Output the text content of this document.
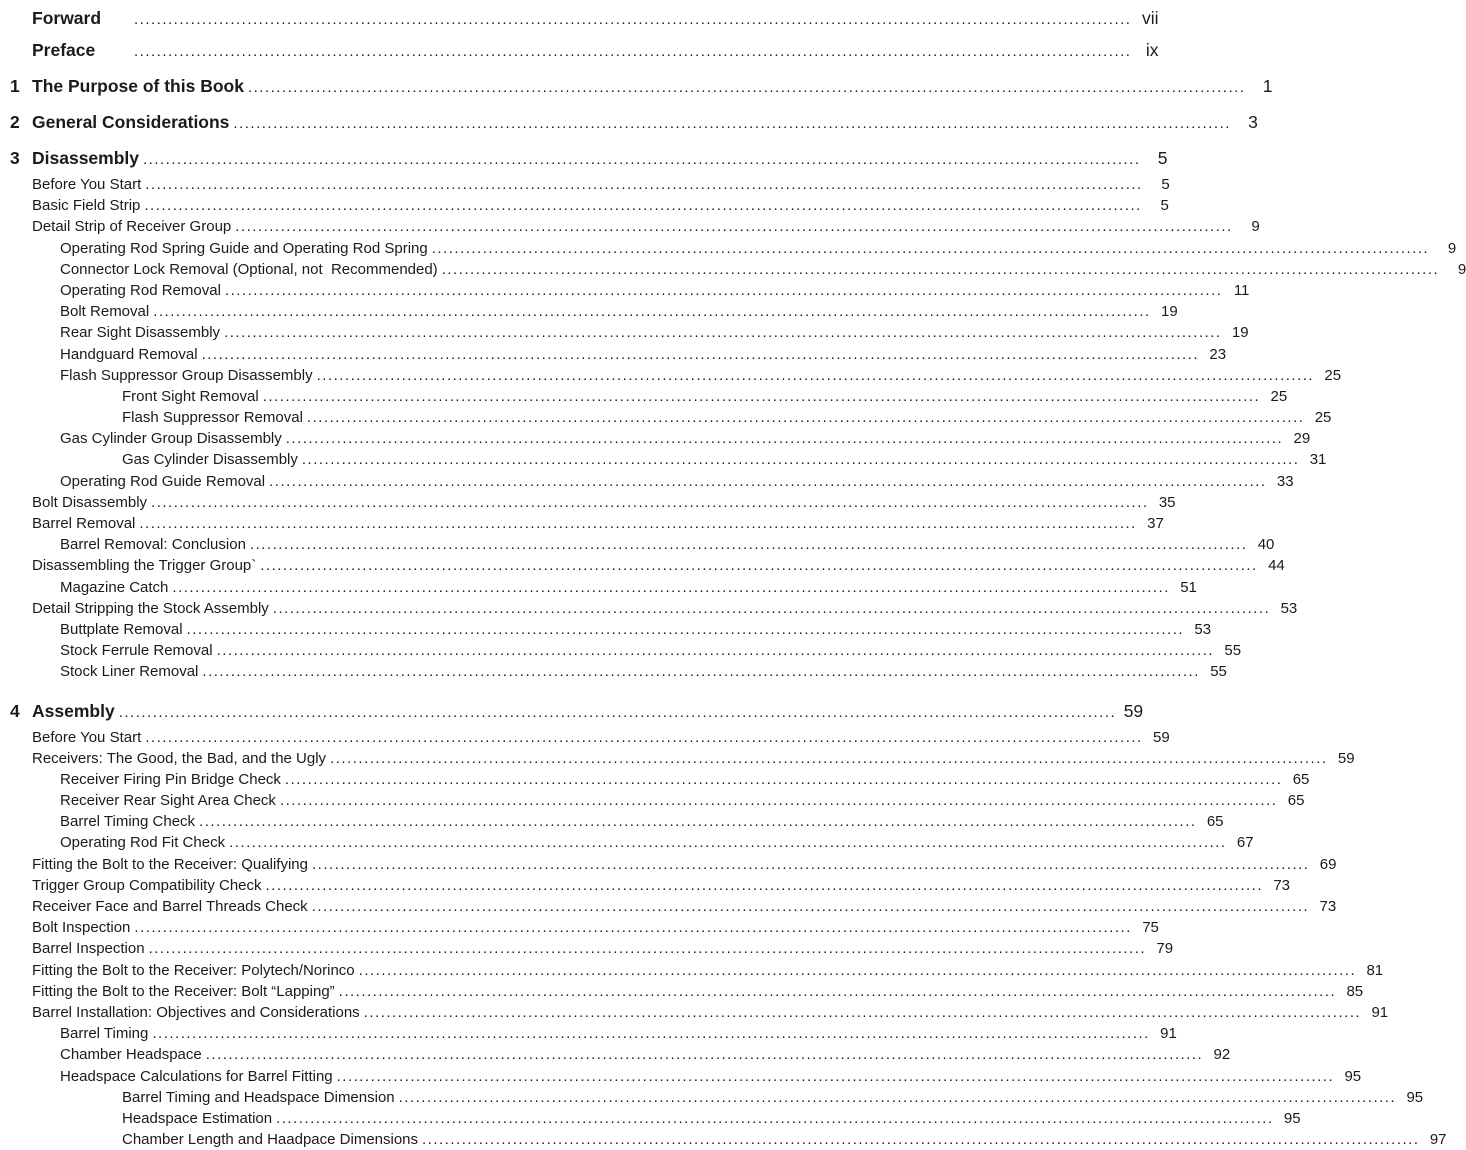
Forward .....	vii
Preface .....	ix
1 The Purpose of this Book .....	1
2 General Considerations .....	3
3 Disassembly .....	5
Before You Start .....	5
Basic Field Strip .....	5
Detail Strip of Receiver Group .....	9
Operating Rod Spring Guide and Operating Rod Spring .....	9
Connector Lock Removal (Optional, not  Recommended) .....	9
Operating Rod Removal .....	11
Bolt Removal .....	19
Rear Sight Disassembly .....	19
Handguard Removal .....	23
Flash Suppressor Group Disassembly .....	25
Front Sight Removal .....	25
Flash Suppressor Removal .....	25
Gas Cylinder Group Disassembly .....	29
Gas Cylinder Disassembly .....	31
Operating Rod Guide Removal .....	33
Bolt Disassembly .....	35
Barrel Removal .....	37
Barrel Removal: Conclusion .....	40
Disassembling the Trigger Group` .....	44
Magazine Catch .....	51
Detail Stripping the Stock Assembly .....	53
Buttplate Removal .....	53
Stock Ferrule Removal .....	55
Stock Liner Removal .....	55
4 Assembly .....	59
Before You Start .....	59
Receivers: The Good, the Bad, and the Ugly .....	59
Receiver Firing Pin Bridge Check .....	65
Receiver Rear Sight Area Check .....	65
Barrel Timing Check .....	65
Operating Rod Fit Check .....	67
Fitting the Bolt to the Receiver: Qualifying .....	69
Trigger Group Compatibility Check .....	73
Receiver Face and Barrel Threads Check .....	73
Bolt Inspection .....	75
Barrel Inspection .....	79
Fitting the Bolt to the Receiver: Polytech/Norinco .....	81
Fitting the Bolt to the Receiver: Bolt “Lapping” .....	85
Barrel Installation: Objectives and Considerations .....	91
Barrel Timing .....	91
Chamber Headspace .....	92
Headspace Calculations for Barrel Fitting .....	95
Barrel Timing and Headspace Dimension .....	95
Headspace Estimation .....	95
Chamber Length and Haadpace Dimensions .....	97
